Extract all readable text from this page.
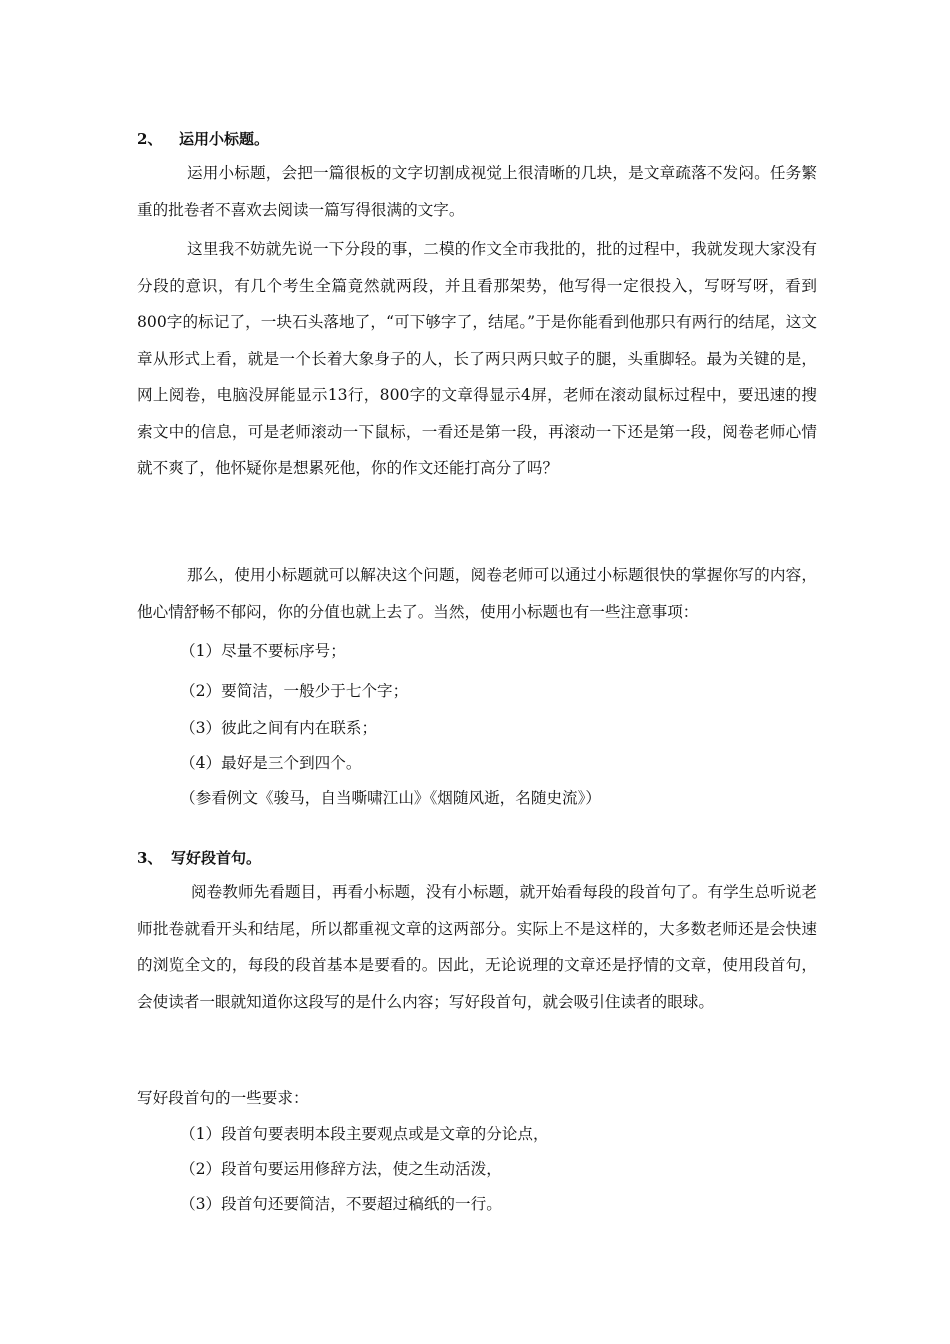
2、 运用小标题。

运用小标题，会把一篇很板的文字切割成视觉上很清晰的几块，是文章疏落不发闷。任务繁重的批卷者不喜欢去阅读一篇写得很满的文字。

这里我不妨就先说一下分段的事，二模的作文全市我批的，批的过程中，我就发现大家没有分段的意识，有几个考生全篇竟然就两段，并且看那架势，他写得一定很投入，写呀写呀，看到800字的标记了，一块石头落地了，“可下够字了，结尾。”于是你能看到他那只有两行的结尾，这文章从形式上看，就是一个长着大象身子的人，长了两只两只蚊子的腿，头重脚轻。最为关键的是，网上阅卷，电脑没屏能显示13行，800字的文章得显示4屏，老师在滚动鼠标过程中，要迅速的搜索文中的信息，可是老师滚动一下鼠标，一看还是第一段，再滚动一下还是第一段，阅卷老师心情就不爽了，他怀疑你是想累死他，你的作文还能打高分了吗？

那么，使用小标题就可以解决这个问题，阅卷老师可以通过小标题很快的掌握你写的内容，他心情舒畅不郁闷，你的分值也就上去了。当然，使用小标题也有一些注意事项：

（1）尽量不要标序号；
（2）要简洁，一般少于七个字；
（3）彼此之间有内在联系；
（4）最好是三个到四个。
（参看例文《骏马，自当嘶啸江山》《烟随风逝，名随史流》）
3、 写好段首句。

阅卷教师先看题目，再看小标题，没有小标题，就开始看每段的段首句了。有学生总听说老师批卷就看开头和结尾，所以都重视文章的这两部分。实际上不是这样的，大多数老师还是会快速的浏览全文的，每段的段首基本是要看的。因此，无论说理的文章还是抒情的文章，使用段首句，会使读者一眼就知道你这段写的是什么内容；写好段首句，就会吸引住读者的眼球。

写好段首句的一些要求：
（1）段首句要表明本段主要观点或是文章的分论点，
（2）段首句要运用修辞方法，使之生动活泼，
（3）段首句还要简洁，不要超过稿纸的一行。
